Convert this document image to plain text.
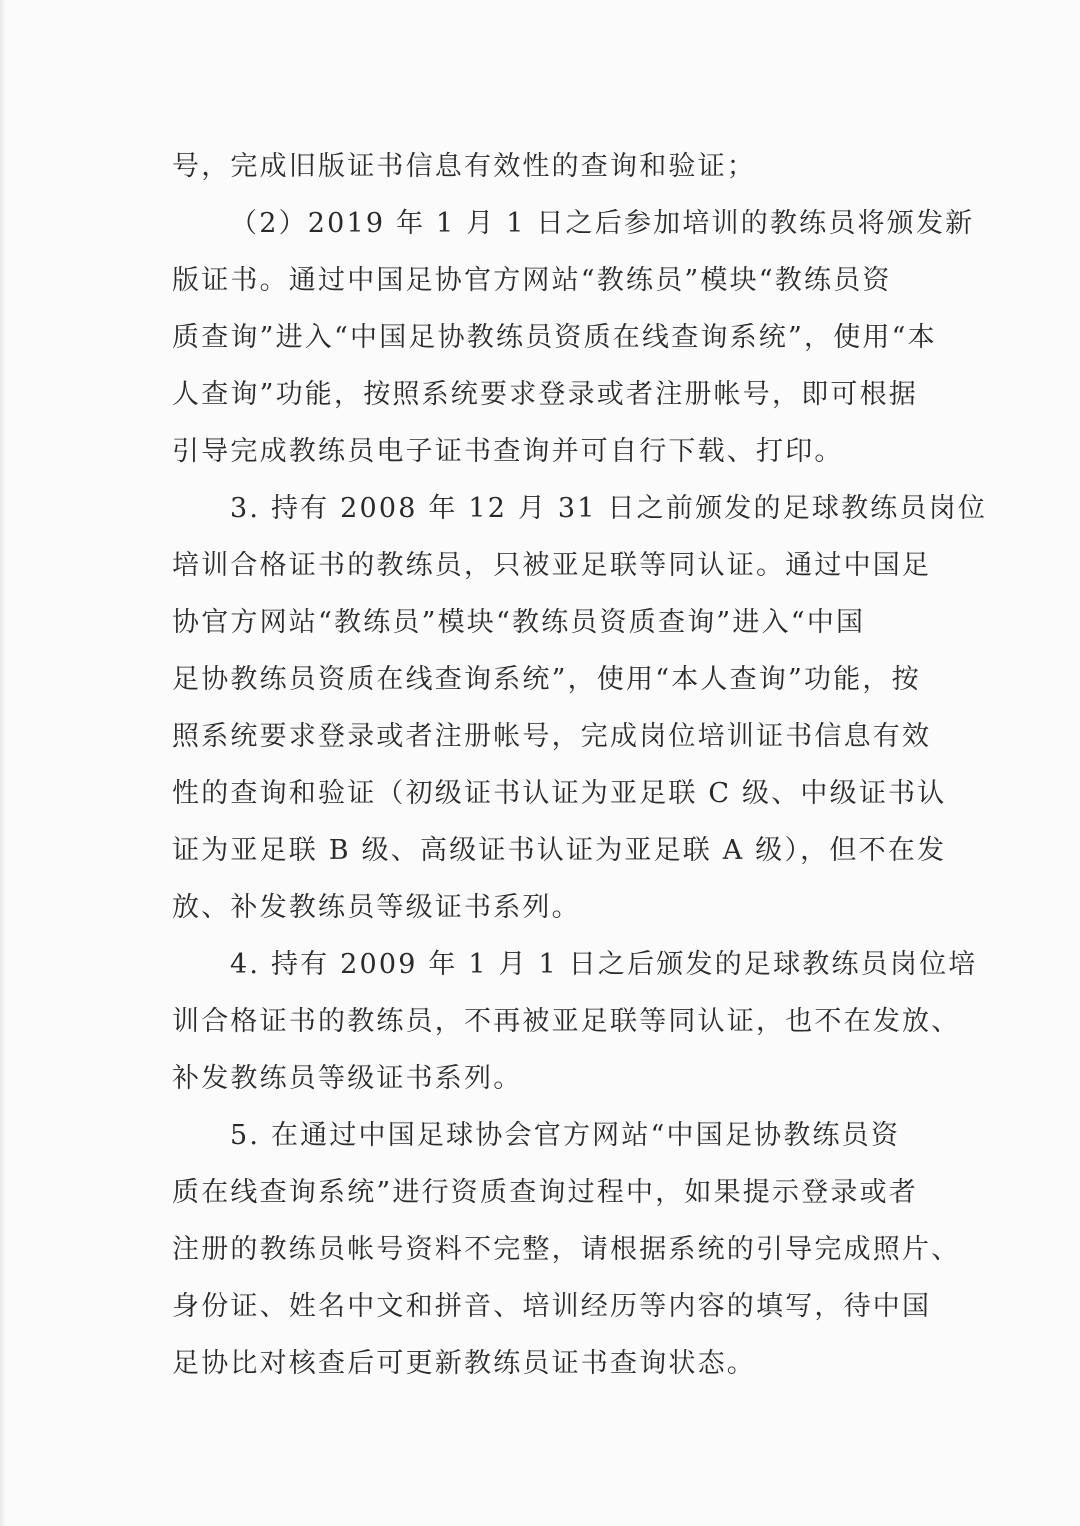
号，完成旧版证书信息有效性的查询和验证；
（2）2019 年 1 月 1 日之后参加培训的教练员将颁发新
版证书。通过中国足协官方网站“教练员”模块“教练员资
质查询”进入“中国足协教练员资质在线查询系统”，使用“本
人查询”功能，按照系统要求登录或者注册帐号，即可根据
引导完成教练员电子证书查询并可自行下载、打印。
3. 持有 2008 年 12 月 31 日之前颁发的足球教练员岗位
培训合格证书的教练员，只被亚足联等同认证。通过中国足
协官方网站“教练员”模块“教练员资质查询”进入“中国
足协教练员资质在线查询系统”，使用“本人查询”功能，按
照系统要求登录或者注册帐号，完成岗位培训证书信息有效
性的查询和验证（初级证书认证为亚足联 C 级、中级证书认
证为亚足联 B 级、高级证书认证为亚足联 A 级），但不在发
放、补发教练员等级证书系列。
4. 持有 2009 年 1 月 1 日之后颁发的足球教练员岗位培
训合格证书的教练员，不再被亚足联等同认证，也不在发放、
补发教练员等级证书系列。
5. 在通过中国足球协会官方网站“中国足协教练员资
质在线查询系统”进行资质查询过程中，如果提示登录或者
注册的教练员帐号资料不完整，请根据系统的引导完成照片、
身份证、姓名中文和拼音、培训经历等内容的填写，待中国
足协比对核查后可更新教练员证书查询状态。
